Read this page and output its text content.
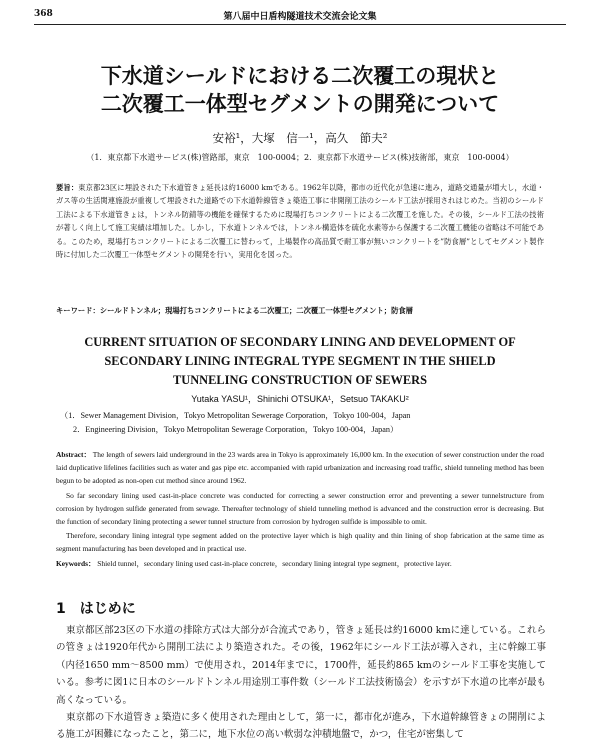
368	第八届中日盾构隧道技术交流会论文集
下水道シールドにおける二次覆工の現状と
二次覆工一体型セグメントの開発について
安裕¹，大塚　信一¹，高久　節夫²
（1．東京都下水道サービス(株)管路部，東京　100-0004；2．東京都下水道サービス(株)技術部，東京　100-0004）
要旨：東京都23区に埋設された下水道管きょ延長は約16000 kmである。1962年以降，都市の近代化が急速に進み，道路交通量が増大し，水道・ガス等の生活関連施設が重複して埋設された道路での下水道幹線管きょ築造工事に非開削工法のシールド工法が採用されはじめた。当初のシールド工法による下水道管きょは，トンネル防錆等の機能を確保するために現場打ちコンクリートによる二次覆工を施した。その後，シールド工法の技術が著しく向上して施工実績は増加した。しかし，下水道トンネルでは，トンネル構造体を硫化水素等から保護する二次覆工機能の省略は不可能である。このため，現場打ちコンクリートによる二次覆工に替わって，上場製作の高品質で耐工事が無いコンクリートを”防食層”としてセグメント製作時に付加した二次覆工一体型セグメントの開発を行い，実用化を図った。
キーワード：シールドトンネル；現場打ちコンクリートによる二次覆工；二次覆工一体型セグメント；防食層
CURRENT SITUATION OF SECONDARY LINING AND DEVELOPMENT OF
SECONDARY LINING INTEGRAL TYPE SEGMENT IN THE SHIELD
TUNNELING CONSTRUCTION OF SEWERS
Yutaka YASU¹，Shinichi OTSUKA¹，Setsuo TAKAKU²
（1．Sewer Management Division，Tokyo Metropolitan Sewerage Corporation，Tokyo 100-004，Japan
2．Engineering Division，Tokyo Metropolitan Sewerage Corporation，Tokyo 100-004，Japan）

Abstract： The length of sewers laid underground in the 23 wards area in Tokyo is approximately 16,000 km. In the execution of sewer construction under the road laid duplicative lifelines facilities such as water and gas pipe etc. accompanied with rapid urbanization and increasing road traffic, shield tunneling method has been begun to be adopted as non-open cut method since around 1962.

So far secondary lining used cast-in-place concrete was conducted for correcting a sewer construction error and preventing a sewer tunnelstructure from corrosion by hydrogen sulfide generated from sewage. Thereafter technology of shield tunneling method is advanced and the construction error is decreasing. But the function of secondary lining protecting a sewer tunnel structure from corrosion by hydrogen sulfide is impossible to omit.

Therefore, secondary lining integral type segment added on the protective layer which is high quality and thin lining of shop fabrication at the same time as segment manufacturing has been developed and in practical use.

Keywords： Shield tunnel，secondary lining used cast-in-place concrete，secondary lining integral type segment，protective layer.
1 はじめに

東京都区部23区の下水道の排除方式は大部分が合流式であり，管きょ延長は約16000 kmに達している。これらの管きょは1920年代から開削工法により築造された。その後，1962年にシールド工法が導入され，主に幹線工事（内径1650 mm～8500 mm）で使用され，2014年までに，1700件，延長約865 kmのシールド工事を実施している。参考に図1に日本のシールドトンネル用途別工事件数（シールド工法技術協会）を示すが下水道の比率が最も高くなっている。

東京都の下水道管きょ築造に多く使用された理由として，第一に，都市化が進み，下水道幹線管きょの開削による施工が困難になったこと，第二に，地下水位の高い軟弱な沖積地盤で，かつ，住宅が密集して
